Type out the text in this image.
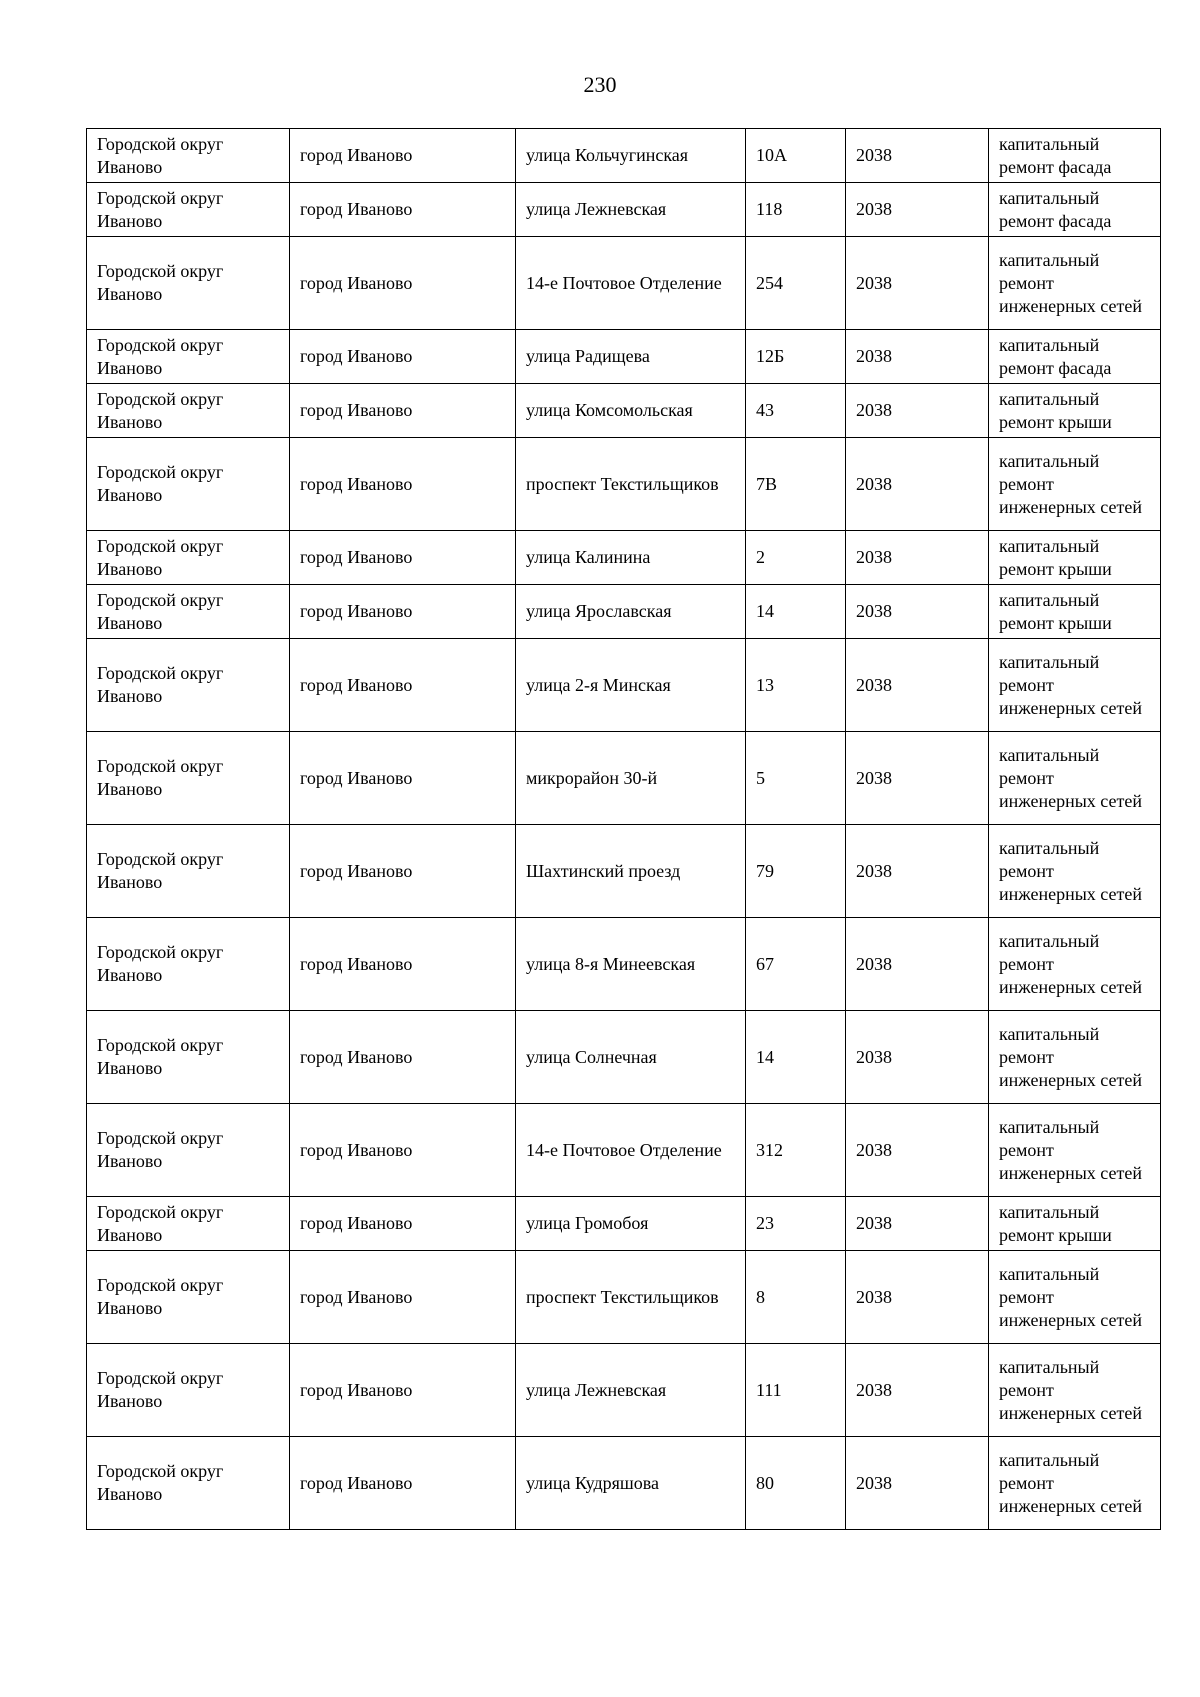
230
Городской округ Иваново	город Иваново	улица Кольчугинская	10А	2038	капитальный ремонт фасада
Городской округ Иваново	город Иваново	улица Лежневская	118	2038	капитальный ремонт фасада
Городской округ Иваново	город Иваново	14-е Почтовое Отделение	254	2038	капитальный ремонт инженерных сетей
Городской округ Иваново	город Иваново	улица Радищева	12Б	2038	капитальный ремонт фасада
Городской округ Иваново	город Иваново	улица Комсомольская	43	2038	капитальный ремонт крыши
Городской округ Иваново	город Иваново	проспект Текстильщиков	7В	2038	капитальный ремонт инженерных сетей
Городской округ Иваново	город Иваново	улица Калинина	2	2038	капитальный ремонт крыши
Городской округ Иваново	город Иваново	улица Ярославская	14	2038	капитальный ремонт крыши
Городской округ Иваново	город Иваново	улица 2-я Минская	13	2038	капитальный ремонт инженерных сетей
Городской округ Иваново	город Иваново	микрорайон 30-й	5	2038	капитальный ремонт инженерных сетей
Городской округ Иваново	город Иваново	Шахтинский проезд	79	2038	капитальный ремонт инженерных сетей
Городской округ Иваново	город Иваново	улица 8-я Минеевская	67	2038	капитальный ремонт инженерных сетей
Городской округ Иваново	город Иваново	улица Солнечная	14	2038	капитальный ремонт инженерных сетей
Городской округ Иваново	город Иваново	14-е Почтовое Отделение	312	2038	капитальный ремонт инженерных сетей
Городской округ Иваново	город Иваново	улица Громобоя	23	2038	капитальный ремонт крыши
Городской округ Иваново	город Иваново	проспект Текстильщиков	8	2038	капитальный ремонт инженерных сетей
Городской округ Иваново	город Иваново	улица Лежневская	111	2038	капитальный ремонт инженерных сетей
Городской округ Иваново	город Иваново	улица Кудряшова	80	2038	капитальный ремонт инженерных сетей
